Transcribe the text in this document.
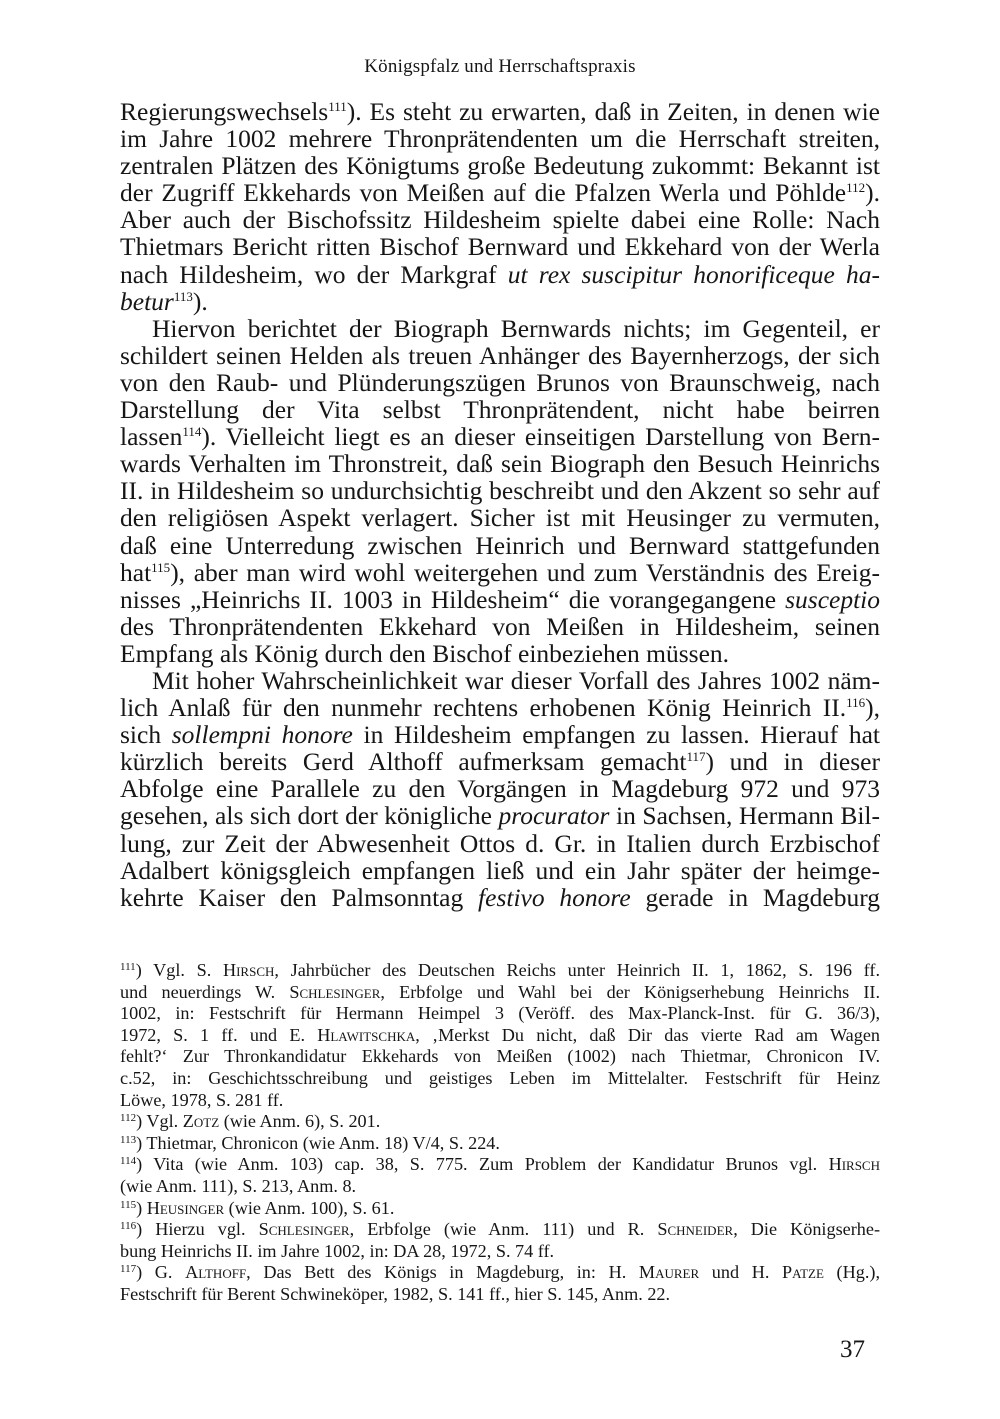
Königspfalz und Herrschaftspraxis
Regierungswechsels$^{111}$). Es steht zu erwarten, daß in Zeiten, in denen wie
im Jahre 1002 mehrere Thronprätendenten um die Herrschaft streiten,
zentralen Plätzen des Königtums große Bedeutung zukommt: Bekannt ist
der Zugriff Ekkehards von Meißen auf die Pfalzen Werla und Pöhlde$^{112}$).
Aber auch der Bischofssitz Hildesheim spielte dabei eine Rolle: Nach
Thietmars Bericht ritten Bischof Bernward und Ekkehard von der Werla
nach Hildesheim, wo der Markgraf ut rex suscipitur honorificeque ha-
betur$^{113}$).
Hiervon berichtet der Biograph Bernwards nichts; im Gegenteil, er
schildert seinen Helden als treuen Anhänger des Bayernherzogs, der sich
von den Raub- und Plünderungszügen Brunos von Braunschweig, nach
Darstellung der Vita selbst Thronprätendent, nicht habe beirren
lassen$^{114}$). Vielleicht liegt es an dieser einseitigen Darstellung von Bern-
wards Verhalten im Thronstreit, daß sein Biograph den Besuch Heinrichs
II. in Hildesheim so undurchsichtig beschreibt und den Akzent so sehr auf
den religiösen Aspekt verlagert. Sicher ist mit Heusinger zu vermuten,
daß eine Unterredung zwischen Heinrich und Bernward stattgefunden
hat$^{115}$), aber man wird wohl weitergehen und zum Verständnis des Ereig-
nisses „Heinrichs II. 1003 in Hildesheim“ die vorangegangene susceptio
des Thronprätendenten Ekkehard von Meißen in Hildesheim, seinen
Empfang als König durch den Bischof einbeziehen müssen.
Mit hoher Wahrscheinlichkeit war dieser Vorfall des Jahres 1002 näm-
lich Anlaß für den nunmehr rechtens erhobenen König Heinrich II.$^{116}$),
sich sollempni honore in Hildesheim empfangen zu lassen. Hierauf hat
kürzlich bereits Gerd Althoff aufmerksam gemacht$^{117}$) und in dieser
Abfolge eine Parallele zu den Vorgängen in Magdeburg 972 und 973
gesehen, als sich dort der königliche procurator in Sachsen, Hermann Bil-
lung, zur Zeit der Abwesenheit Ottos d. Gr. in Italien durch Erzbischof
Adalbert königsgleich empfangen ließ und ein Jahr später der heimge-
kehrte Kaiser den Palmsonntag festivo honore gerade in Magdeburg
$^{111}$) Vgl. S. Hirsch, Jahrbücher des Deutschen Reichs unter Heinrich II. 1, 1862, S. 196 ff.
und neuerdings W. Schlesinger, Erbfolge und Wahl bei der Königserhebung Heinrichs II.
1002, in: Festschrift für Hermann Heimpel 3 (Veröff. des Max-Planck-Inst. für G. 36/3),
1972, S. 1 ff. und E. Hlawitschka, ‚Merkst Du nicht, daß Dir das vierte Rad am Wagen
fehlt?‘ Zur Thronkandidatur Ekkehards von Meißen (1002) nach Thietmar, Chronicon IV.
c.52, in: Geschichtsschreibung und geistiges Leben im Mittelalter. Festschrift für Heinz
Löwe, 1978, S. 281 ff.
$^{112}$) Vgl. Zotz (wie Anm. 6), S. 201.
$^{113}$) Thietmar, Chronicon (wie Anm. 18) V/4, S. 224.
$^{114}$) Vita (wie Anm. 103) cap. 38, S. 775. Zum Problem der Kandidatur Brunos vgl. Hirsch
(wie Anm. 111), S. 213, Anm. 8.
$^{115}$) Heusinger (wie Anm. 100), S. 61.
$^{116}$) Hierzu vgl. Schlesinger, Erbfolge (wie Anm. 111) und R. Schneider, Die Königserhe-
bung Heinrichs II. im Jahre 1002, in: DA 28, 1972, S. 74 ff.
$^{117}$) G. Althoff, Das Bett des Königs in Magdeburg, in: H. Maurer und H. Patze (Hg.),
Festschrift für Berent Schwineköper, 1982, S. 141 ff., hier S. 145, Anm. 22.
37
